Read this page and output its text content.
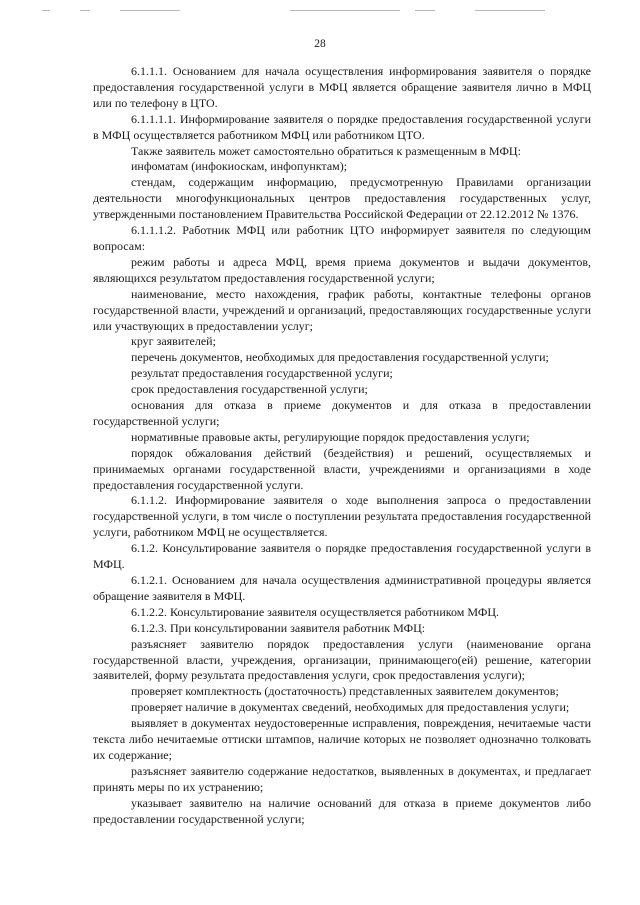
28

6.1.1.1. Основанием для начала осуществления информирования заявителя о порядке предоставления государственной услуги в МФЦ является обращение заявителя лично в МФЦ или по телефону в ЦТО.

6.1.1.1.1. Информирование заявителя о порядке предоставления государственной услуги в МФЦ осуществляется работником МФЦ или работником ЦТО.

Также заявитель может самостоятельно обратиться к размещенным в МФЦ:

инфоматам (инфокиоскам, инфопунктам);

стендам, содержащим информацию, предусмотренную Правилами организации деятельности многофункциональных центров предоставления государственных услуг, утвержденными постановлением Правительства Российской Федерации от 22.12.2012 № 1376.

6.1.1.1.2. Работник МФЦ или работник ЦТО информирует заявителя по следующим вопросам:

режим работы и адреса МФЦ, время приема документов и выдачи документов, являющихся результатом предоставления государственной услуги;

наименование, место нахождения, график работы, контактные телефоны органов государственной власти, учреждений и организаций, предоставляющих государственные услуги или участвующих в предоставлении услуг;

круг заявителей;

перечень документов, необходимых для предоставления государственной услуги;

результат предоставления государственной услуги;

срок предоставления государственной услуги;

основания для отказа в приеме документов и для отказа в предоставлении государственной услуги;

нормативные правовые акты, регулирующие порядок предоставления услуги;

порядок обжалования действий (бездействия) и решений, осуществляемых и принимаемых органами государственной власти, учреждениями и организациями в ходе предоставления государственной услуги.

6.1.1.2. Информирование заявителя о ходе выполнения запроса о предоставлении государственной услуги, в том числе о поступлении результата предоставления государственной услуги, работником МФЦ не осуществляется.

6.1.2. Консультирование заявителя о порядке предоставления государственной услуги в МФЦ.

6.1.2.1. Основанием для начала осуществления административной процедуры является обращение заявителя в МФЦ.

6.1.2.2. Консультирование заявителя осуществляется работником МФЦ.

6.1.2.3. При консультировании заявителя работник МФЦ:

разъясняет заявителю порядок предоставления услуги (наименование органа государственной власти, учреждения, организации, принимающего(ей) решение, категории заявителей, форму результата предоставления услуги, срок предоставления услуги);

проверяет комплектность (достаточность) представленных заявителем документов;

проверяет наличие в документах сведений, необходимых для предоставления услуги;

выявляет в документах неудостоверенные исправления, повреждения, нечитаемые части текста либо нечитаемые оттиски штампов, наличие которых не позволяет однозначно толковать их содержание;

разъясняет заявителю содержание недостатков, выявленных в документах, и предлагает принять меры по их устранению;

указывает заявителю на наличие оснований для отказа в приеме документов либо предоставлении государственной услуги;
